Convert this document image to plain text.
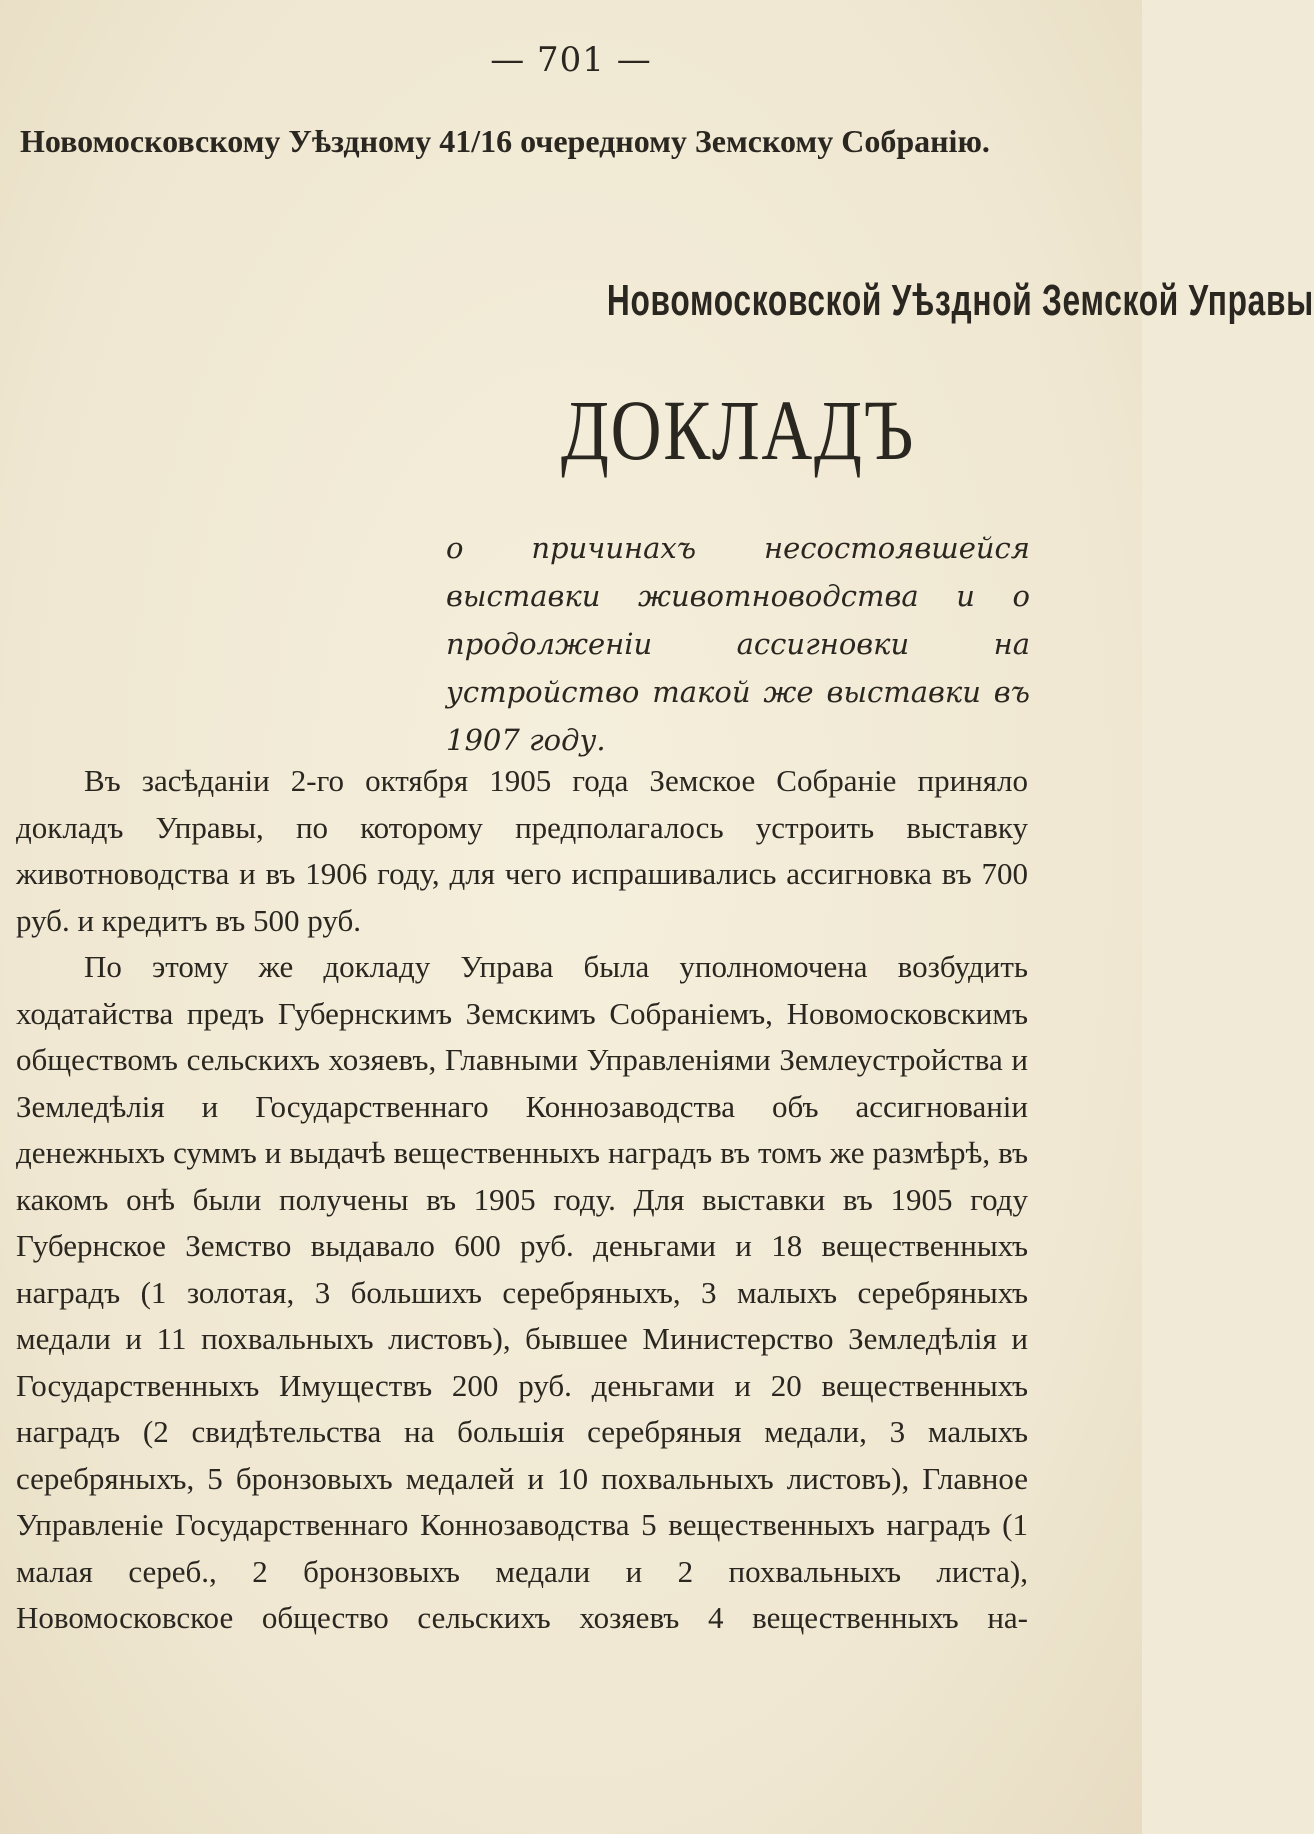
— 701 —
Новомосковскому Уѣздному 41/16 очередному Земскому Собранію.
Новомосковской Уѣздной Земской Управы
ДОКЛАДЪ
о причинахъ несостоявшейся выставки животноводства и о продолженіи ассигновки на устройство такой же выставки въ 1907 году.

Въ засѣданіи 2-го октября 1905 года Земское Собраніе приняло докладъ Управы, по которому предполагалось устроить выставку животноводства и въ 1906 году, для чего испрашивались ассигновка въ 700 руб. и кредитъ въ 500 руб.

По этому же докладу Управа была уполномочена возбудить ходатайства предъ Губернскимъ Земскимъ Собраніемъ, Новомосковскимъ обществомъ сельскихъ хозяевъ, Главными Управленіями Землеустройства и Земледѣлія и Государственнаго Коннозаводства объ ассигнованіи денежныхъ суммъ и выдачѣ вещественныхъ наградъ въ томъ же размѣрѣ, въ какомъ онѣ были получены въ 1905 году. Для выставки въ 1905 году Губернское Земство выдавало 600 руб. деньгами и 18 вещественныхъ наградъ (1 золотая, 3 большихъ серебряныхъ, 3 малыхъ серебряныхъ медали и 11 похвальныхъ листовъ), бывшее Министерство Земледѣлія и Государственныхъ Имуществъ 200 руб. деньгами и 20 вещественныхъ наградъ (2 свидѣтельства на большія серебряныя медали, 3 малыхъ серебряныхъ, 5 бронзовыхъ медалей и 10 похвальныхъ листовъ), Главное Управленіе Государственнаго Коннозаводства 5 вещественныхъ наградъ (1 малая сереб., 2 бронзовыхъ медали и 2 похвальныхъ листа), Новомосковское общество сельскихъ хозяевъ 4 вещественныхъ на-
